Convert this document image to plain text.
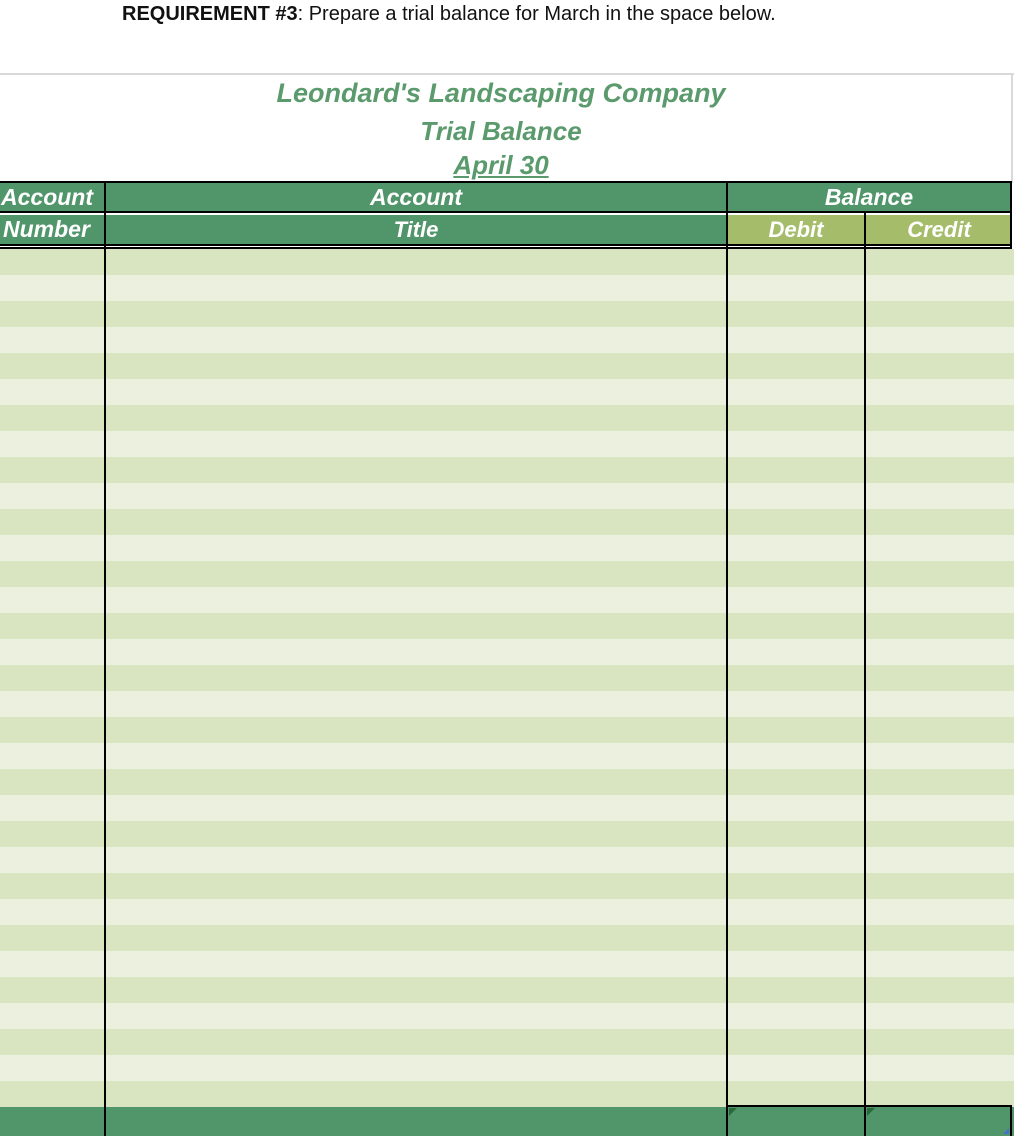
REQUIREMENT #3: Prepare a trial balance for March in the space below.
Leondard's Landscaping Company
Trial Balance
April 30
Account
Number
Account
Title
Balance
Debit	Credit
